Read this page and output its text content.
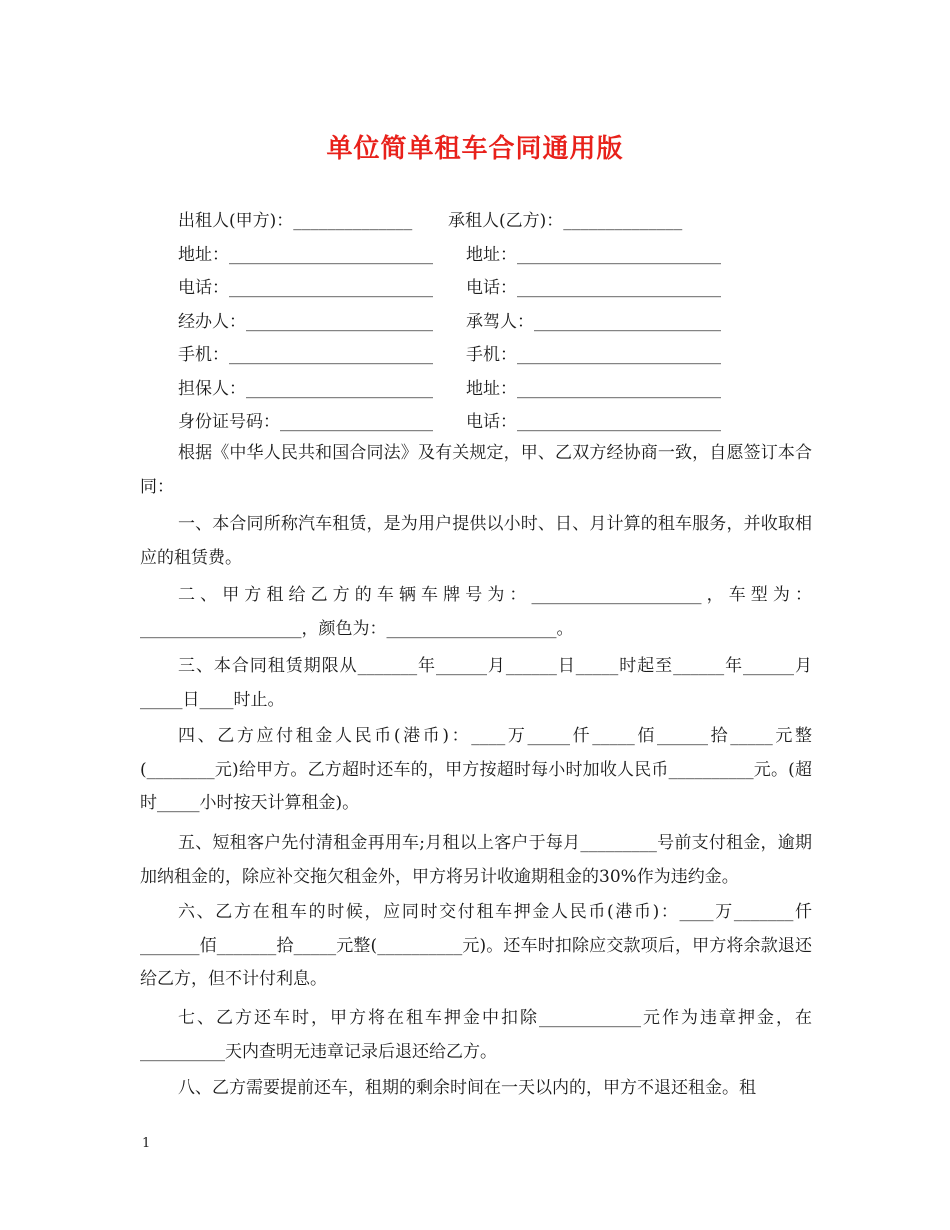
单位简单租车合同通用版
出租人(甲方)：______________ 承租人(乙方)：______________
地址：________________________ 地址：________________________
电话：________________________ 电话：________________________
经办人：______________________ 承驾人：______________________
手机：________________________ 手机：________________________
担保人：______________________ 地址：________________________
身份证号码：__________________ 电话：________________________

根据《中华人民共和国合同法》及有关规定，甲、乙双方经协商一致，自愿签订本合同：

一、本合同所称汽车租赁，是为用户提供以小时、日、月计算的租车服务，并收取相应的租赁费。

二、甲方租给乙方的车辆车牌号为：____________________，车型为：___________________，颜色为：____________________。

三、本合同租赁期限从_______年______月______日_____时起至______年______月_____日____时止。

四、乙方应付租金人民币(港币)：____万_____仟_____佰______拾_____元整(________元)给甲方。乙方超时还车的，甲方按超时每小时加收人民币__________元。(超时_____小时按天计算租金)。

五、短租客户先付清租金再用车;月租以上客户于每月_________号前支付租金，逾期加纳租金的，除应补交拖欠租金外，甲方将另计收逾期租金的30%作为违约金。

六、乙方在租车的时候，应同时交付租车押金人民币(港币)：____万_______仟_______佰_______拾_____元整(__________元)。还车时扣除应交款项后，甲方将余款退还给乙方，但不计付利息。

七、乙方还车时，甲方将在租车押金中扣除____________元作为违章押金，在__________天内查明无违章记录后退还给乙方。

八、乙方需要提前还车，租期的剩余时间在一天以内的，甲方不退还租金。租

1
